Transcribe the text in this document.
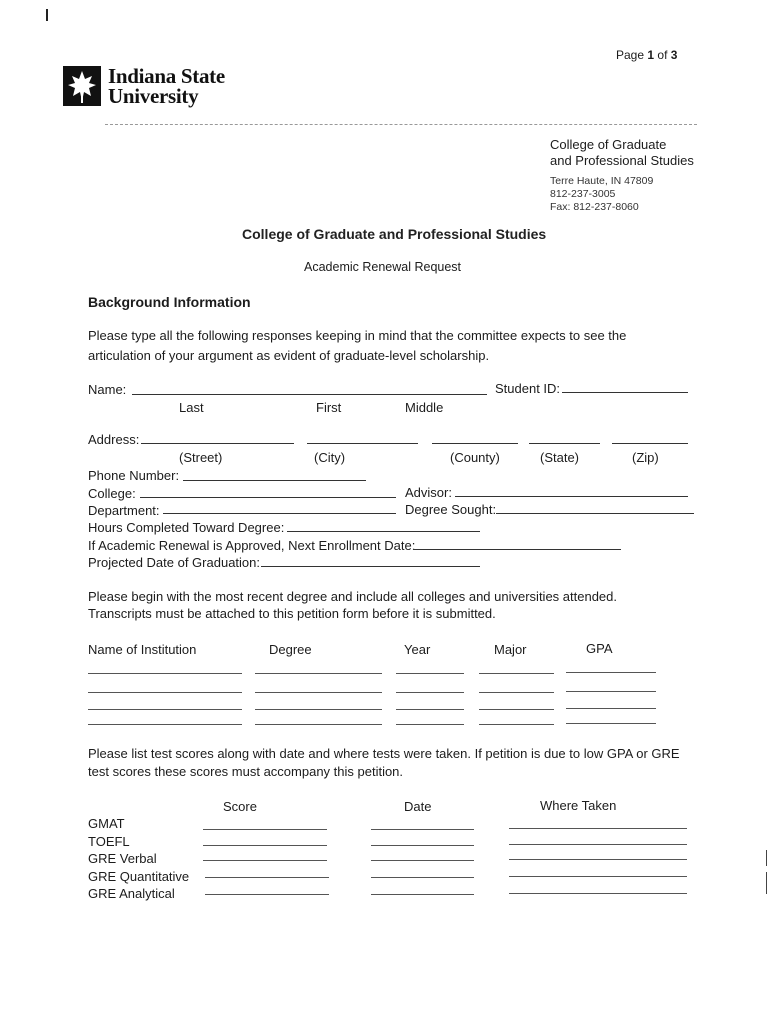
Page 1 of 3
Indiana State
University
College of Graduate
and Professional Studies
Terre Haute, IN 47809
812-237-3005
Fax: 812-237-8060
College of Graduate and Professional Studies
Academic Renewal Request
Background Information
Please type all the following responses keeping in mind that the committee expects to see the
articulation of your argument as evident of graduate-level scholarship.
Name:	Student ID:
Last	First	Middle
Address:
(Street)	(City)	(County)	(State)	(Zip)
Phone Number:
College:	Advisor:
Department:	Degree Sought:
Hours Completed Toward Degree:
If Academic Renewal is Approved, Next Enrollment Date:
Projected Date of Graduation:
Please begin with the most recent degree and include all colleges and universities attended.
Transcripts must be attached to this petition form before it is submitted.
Name of Institution	Degree	Year	Major	GPA
Please list test scores along with date and where tests were taken. If petition is due to low GPA or GRE
test scores these scores must accompany this petition.
Score	Date	Where Taken
GMAT
TOEFL
GRE Verbal
GRE Quantitative
GRE Analytical
